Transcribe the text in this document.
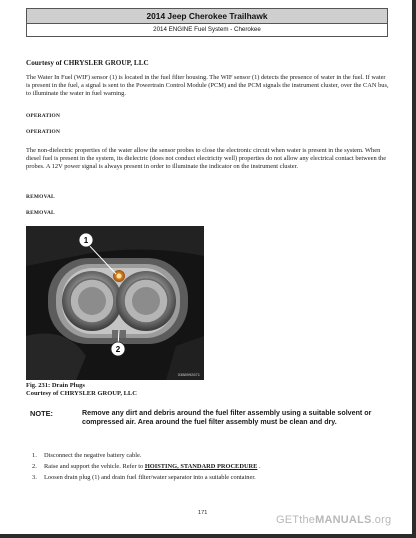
2014 Jeep Cherokee Trailhawk
2014 ENGINE Fuel System - Cherokee
Courtesy of CHRYSLER GROUP, LLC

The Water In Fuel (WIF) sensor (1) is located in the fuel filter housing. The WIF sensor (1) detects the presence of water in the fuel. If water is present in the fuel, a signal is sent to the Powertrain Control Module (PCM) and the PCM signals the instrument cluster, over the CAN bus, to illuminate the water in fuel warning.

OPERATION
OPERATION

The non-dielectric properties of the water allow the sensor probes to close the electronic circuit when water is present in the system. When diesel fuel is present in the system, its dielectric (does not conduct electricity well) properties do not allow any electrical contact between the probes. A 12V power signal is always present in order to illuminate the indicator on the instrument cluster.

REMOVAL
REMOVAL
1
2
0388992671
Fig. 231: Drain Plugs
Courtesy of CHRYSLER GROUP, LLC
NOTE:	Remove any dirt and debris around the fuel filter assembly using a suitable solvent or compressed air. Area around the fuel filter assembly must be clean and dry.
1. Disconnect the negative battery cable.
2. Raise and support the vehicle. Refer to HOISTING, STANDARD PROCEDURE .
3. Loosen drain plug (1) and drain fuel filter/water separator into a suitable container.
171
GETtheMANUALS.org
